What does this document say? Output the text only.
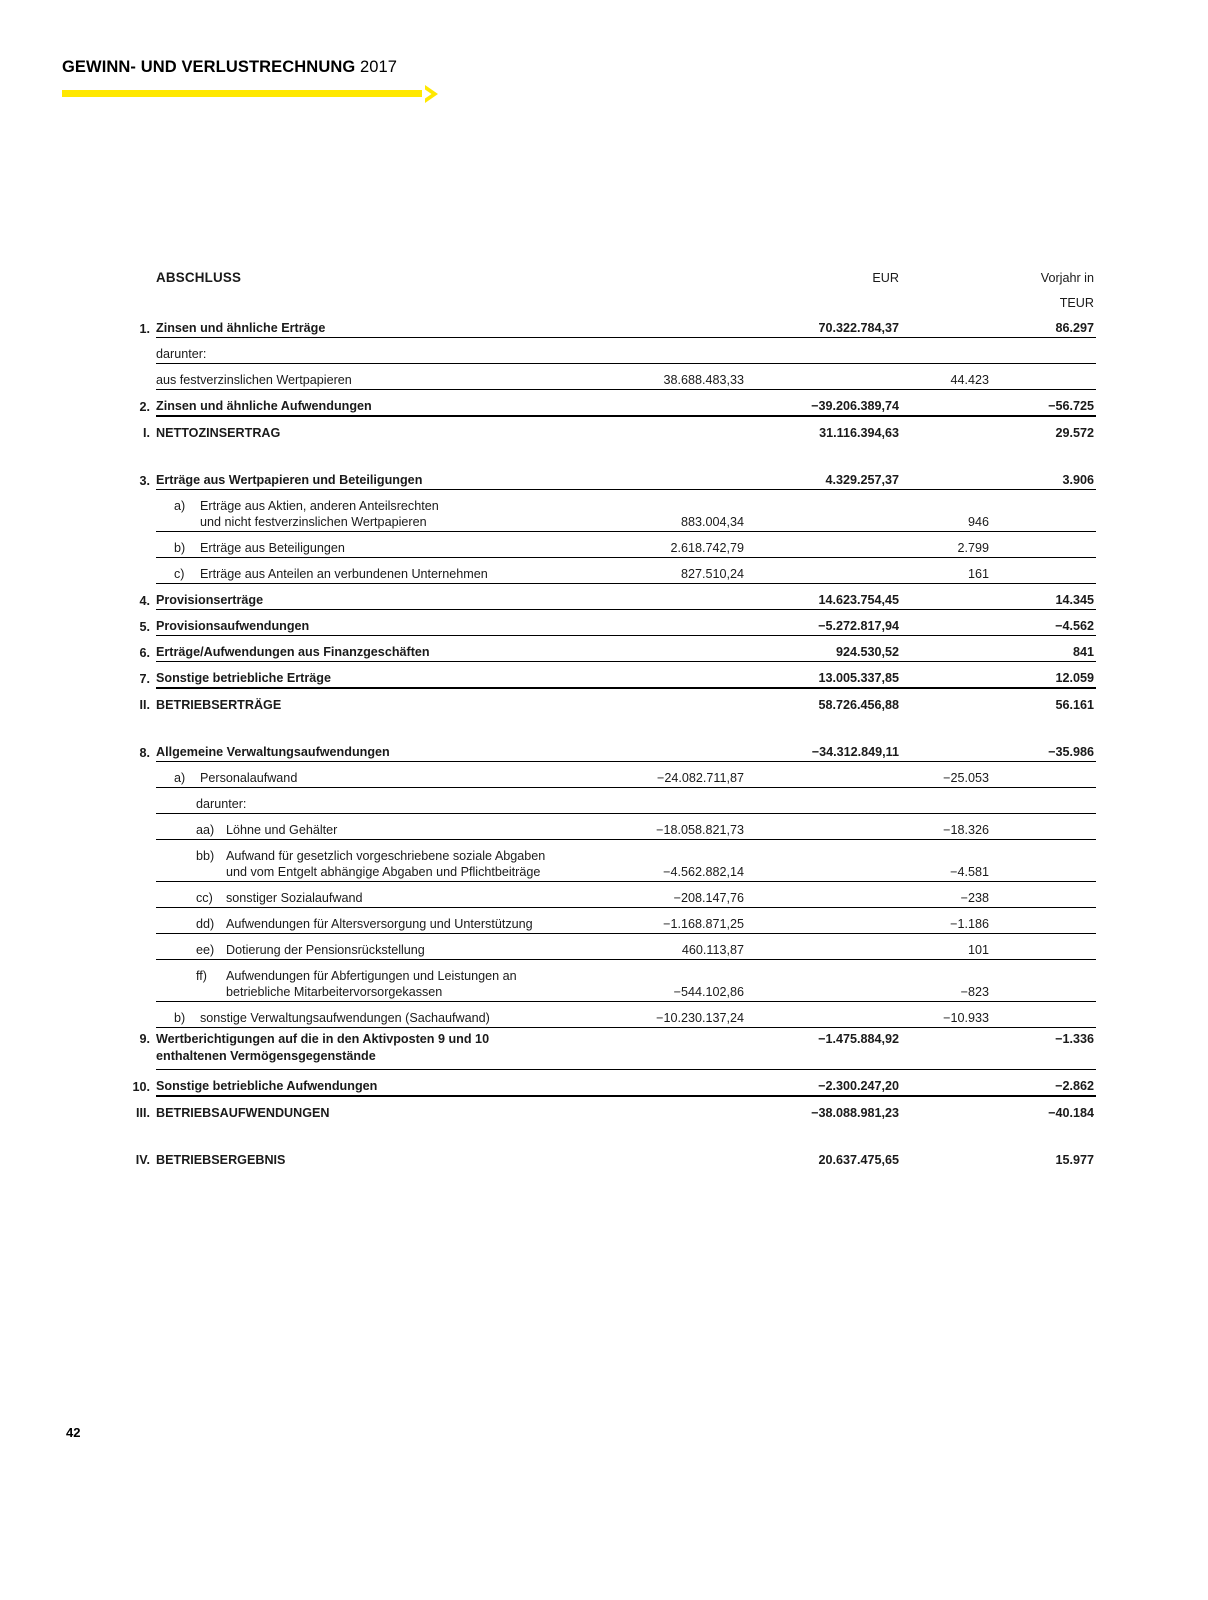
GEWINN- UND VERLUSTRECHNUNG 2017
	ABSCHLUSS		EUR		Vorjahr in
					TEUR
1.	Zinsen und ähnliche Erträge		70.322.784,37		86.297
	darunter:				
	aus festverzinslichen Wertpapieren	38.688.483,33		44.423	
2.	Zinsen und ähnliche Aufwendungen		−39.206.389,74		−56.725
I.	NETTOZINSERTRAG		31.116.394,63		29.572

3.	Erträge aus Wertpapieren und Beteiligungen		4.329.257,37		3.906

	a) Erträge aus Aktien, anderen Anteilsrechten
und nicht festverzinslichen Wertpapieren	883.004,34		946	

	b) Erträge aus Beteiligungen	2.618.742,79		2.799	

	c) Erträge aus Anteilen an verbundenen Unternehmen	827.510,24		161	
4.	Provisionserträge		14.623.754,45		14.345
5.	Provisionsaufwendungen		−5.272.817,94		−4.562
6.	Erträge/Aufwendungen aus Finanzgeschäften		924.530,52		841
7.	Sonstige betriebliche Erträge		13.005.337,85		12.059
II.	BETRIEBSERTRÄGE		58.726.456,88		56.161

8.	Allgemeine Verwaltungsaufwendungen		−34.312.849,11		−35.986

	a) Personalaufwand	−24.082.711,87		−25.053	

	darunter:				

	aa) Löhne und Gehälter	−18.058.821,73		−18.326	

	bb) Aufwand für gesetzlich vorgeschriebene soziale Abgaben
und vom Entgelt abhängige Abgaben und Pflichtbeiträge	−4.562.882,14		−4.581	

	cc) sonstiger Sozialaufwand	−208.147,76		−238	

	dd) Aufwendungen für Altersversorgung und Unterstützung	−1.168.871,25		−1.186	

	ee) Dotierung der Pensionsrückstellung	460.113,87		101	

	ff) Aufwendungen für Abfertigungen und Leistungen an
betriebliche Mitarbeitervorsorgekassen	−544.102,86		−823	

	b) sonstige Verwaltungsaufwendungen (Sachaufwand)	−10.230.137,24		−10.933	
9.	Wertberichtigungen auf die in den Aktivposten 9 und 10
enthaltenen Vermögensgegenstände		−1.475.884,92		−1.336
10.	Sonstige betriebliche Aufwendungen		−2.300.247,20		−2.862
III.	BETRIEBSAUFWENDUNGEN		−38.088.981,23		−40.184

IV.	BETRIEBSERGEBNIS		20.637.475,65		15.977
42
